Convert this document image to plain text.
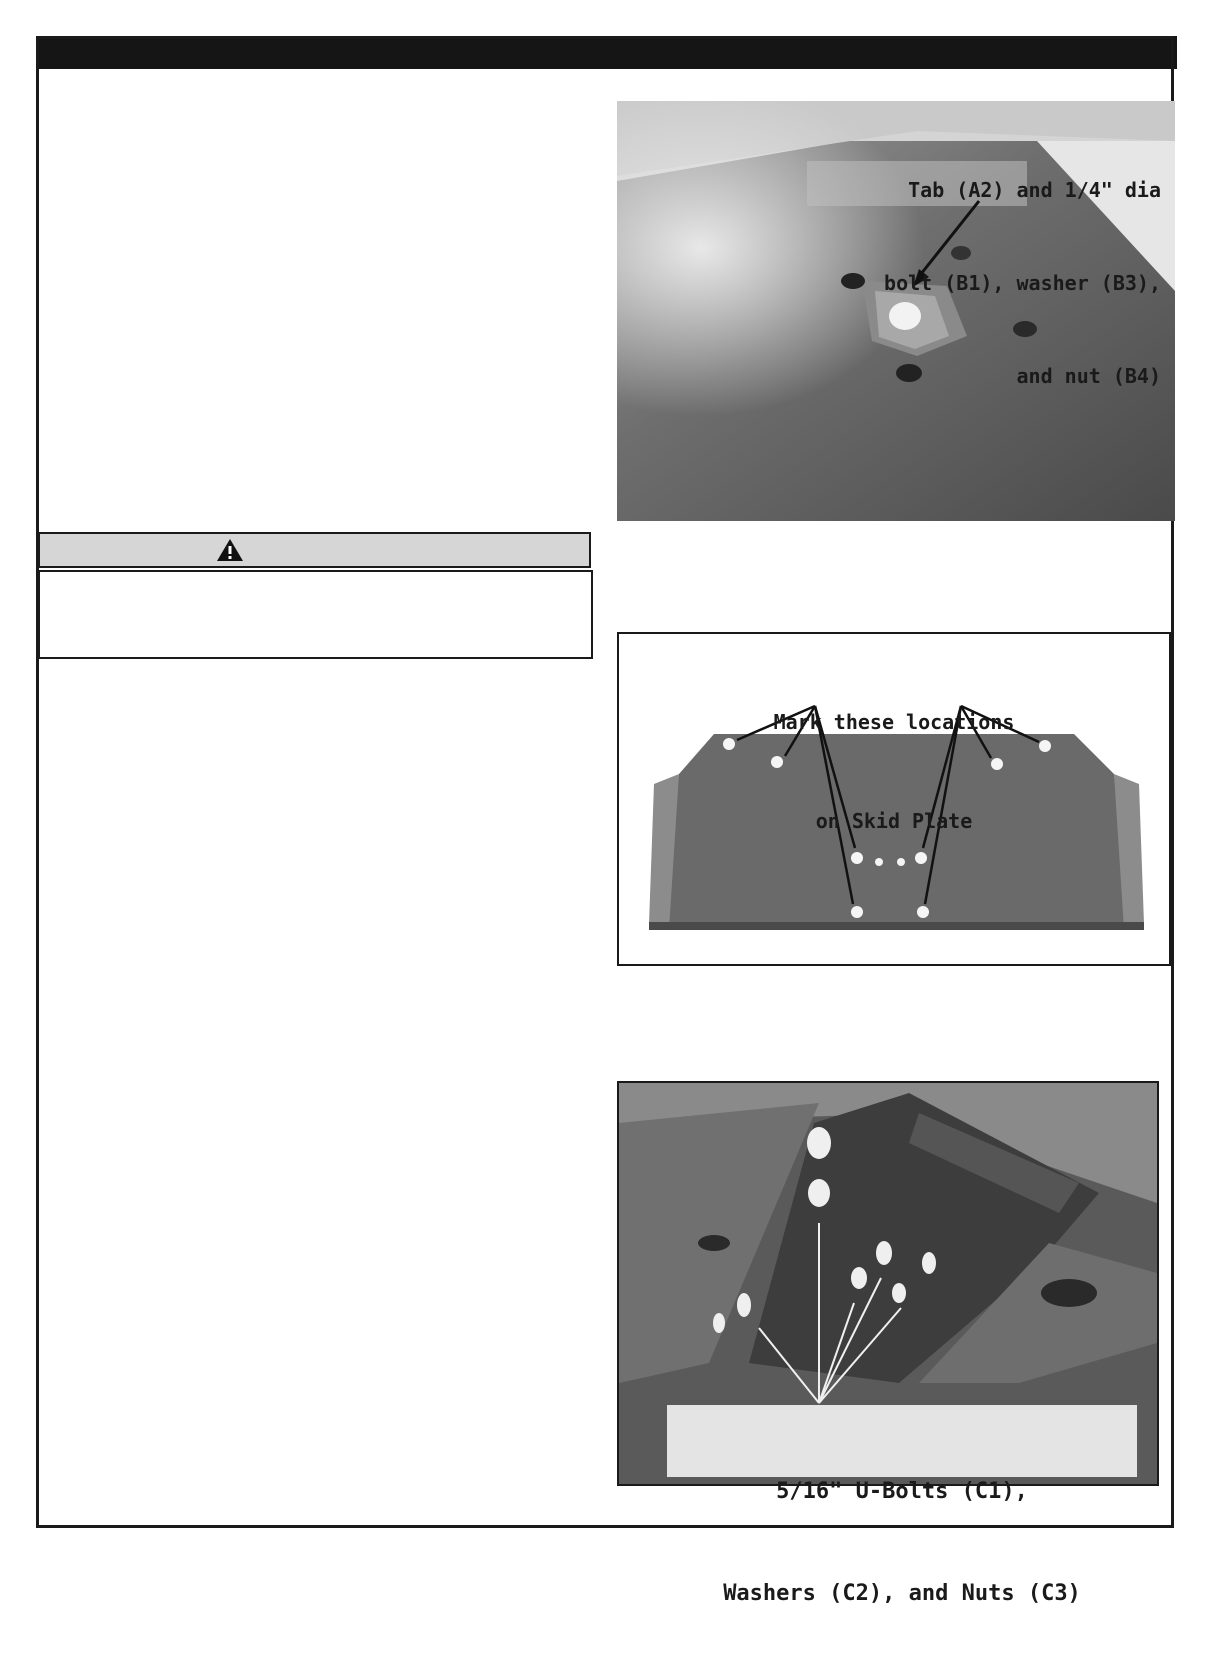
Tab (A2) and 1/4" dia

bolt (B1), washer (B3),

and nut (B4)

Mark these locations

on Skid Plate

5/16" U-Bolts (C1),

Washers (C2), and Nuts (C3)
